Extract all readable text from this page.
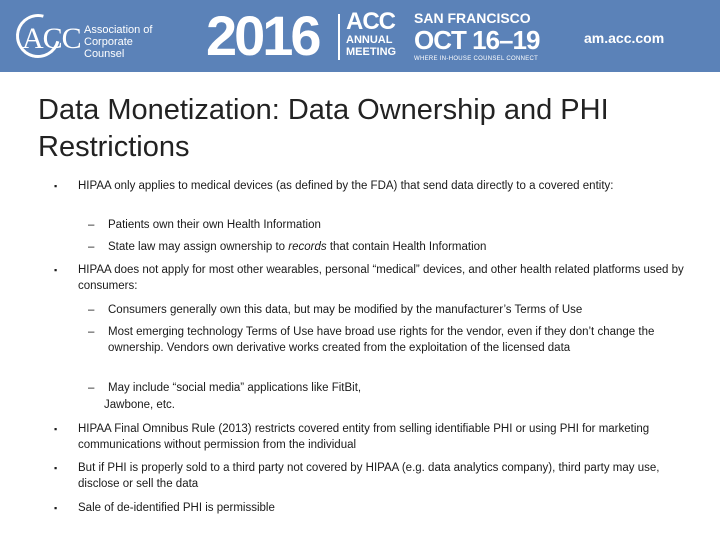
ACC Association of Corporate Counsel	2016 ACC
ANNUAL
MEETING
SAN FRANCISCO
OCT 16–19
WHERE IN-HOUSE COUNSEL CONNECT
am.acc.com
Data Monetization: Data Ownership and PHI Restrictions
▪ HIPAA only applies to medical devices (as defined by the FDA) that send data directly to a covered entity:
– Patients own their own Health Information
– State law may assign ownership to records that contain Health Information
▪ HIPAA does not apply for most other wearables, personal “medical” devices, and other health related platforms used by consumers:
– Consumers generally own this data, but may be modified by the manufacturer’s Terms of Use
– Most emerging technology Terms of Use have broad use rights for the vendor, even if they don’t change the ownership. Vendors own derivative works created from the exploitation of the licensed data
– May include “social media” applications like FitBit,
Jawbone, etc.
▪ HIPAA Final Omnibus Rule (2013) restricts covered entity from selling identifiable PHI or using PHI for marketing communications without permission from the individual
▪ But if PHI is properly sold to a third party not covered by HIPAA (e.g. data analytics company), third party may use, disclose or sell the data
▪ Sale of de-identified PHI is permissible
